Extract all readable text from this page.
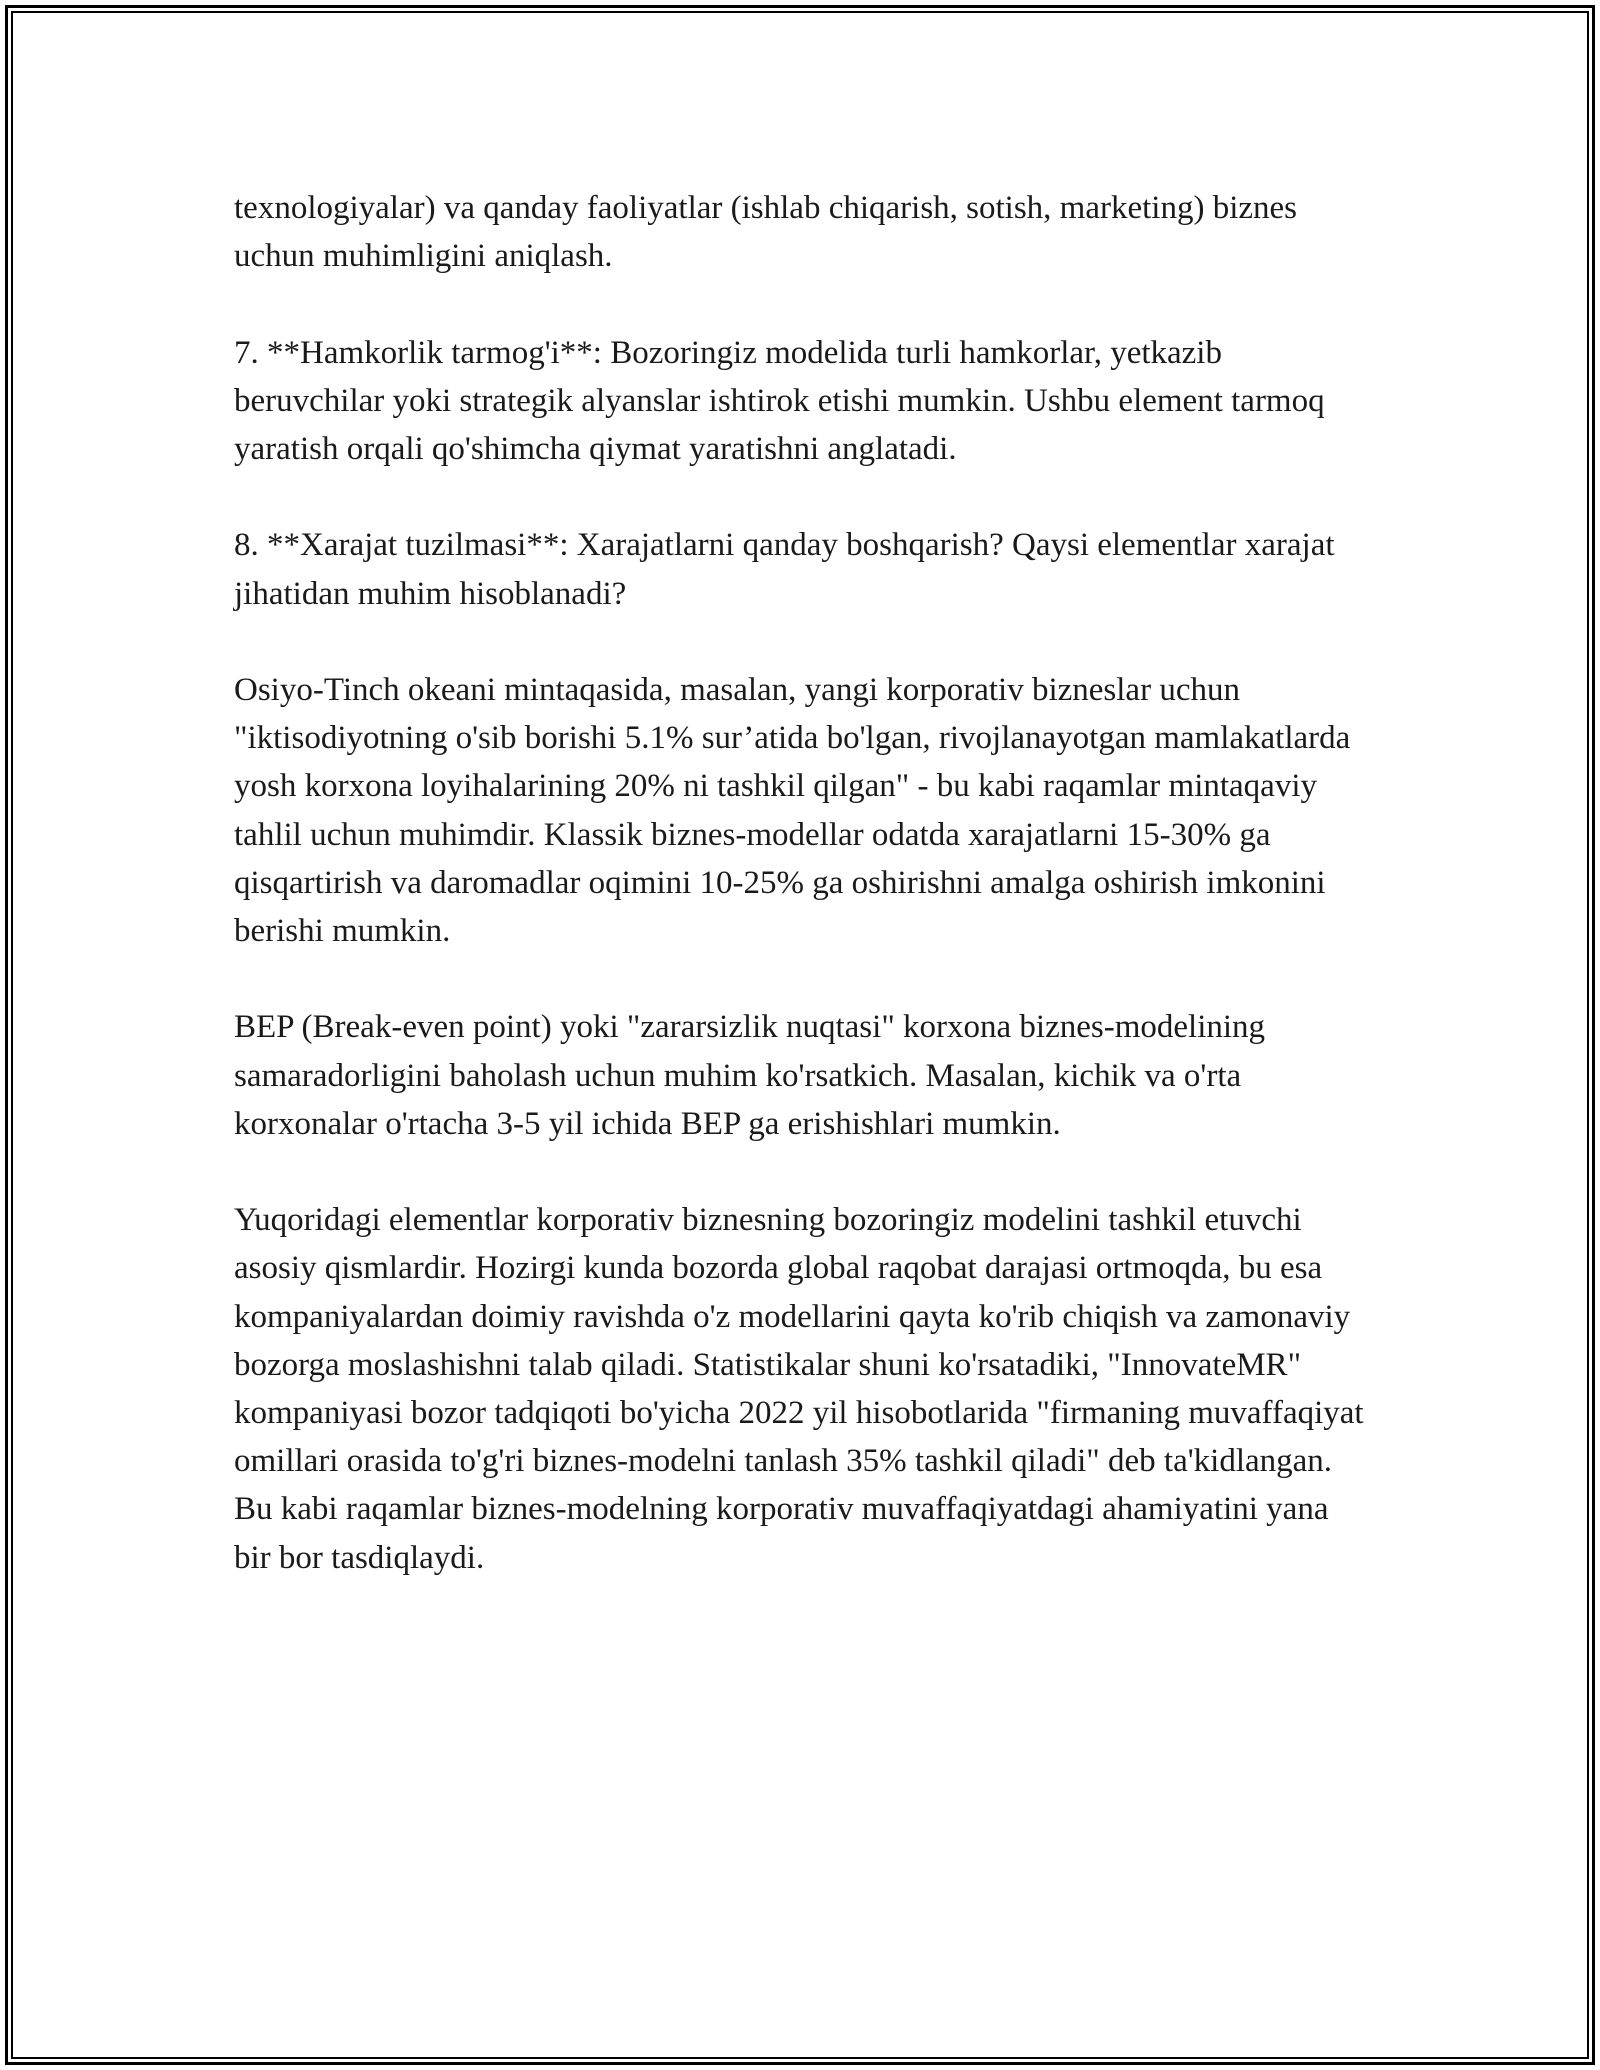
texnologiyalar) va qanday faoliyatlar (ishlab chiqarish, sotish, marketing) biznes uchun muhimligini aniqlash.

7. **Hamkorlik tarmog'i**: Bozoringiz modelida turli hamkorlar, yetkazib beruvchilar yoki strategik alyanslar ishtirok etishi mumkin. Ushbu element tarmoq yaratish orqali qo'shimcha qiymat yaratishni anglatadi.

8. **Xarajat tuzilmasi**: Xarajatlarni qanday boshqarish? Qaysi elementlar xarajat jihatidan muhim hisoblanadi?

Osiyo-Tinch okeani mintaqasida, masalan, yangi korporativ bizneslar uchun "iktisodiyotning o'sib borishi 5.1% sur’atida bo'lgan, rivojlanayotgan mamlakatlarda yosh korxona loyihalarining 20% ni tashkil qilgan" - bu kabi raqamlar mintaqaviy tahlil uchun muhimdir. Klassik biznes-modellar odatda xarajatlarni 15-30% ga qisqartirish va daromadlar oqimini 10-25% ga oshirishni amalga oshirish imkonini berishi mumkin.

BEP (Break-even point) yoki "zararsizlik nuqtasi" korxona biznes-modelining samaradorligini baholash uchun muhim ko'rsatkich. Masalan, kichik va o'rta korxonalar o'rtacha 3-5 yil ichida BEP ga erishishlari mumkin.

Yuqoridagi elementlar korporativ biznesning bozoringiz modelini tashkil etuvchi asosiy qismlardir. Hozirgi kunda bozorda global raqobat darajasi ortmoqda, bu esa kompaniyalardan doimiy ravishda o'z modellarini qayta ko'rib chiqish va zamonaviy bozorga moslashishni talab qiladi. Statistikalar shuni ko'rsatadiki, "InnovateMR" kompaniyasi bozor tadqiqoti bo'yicha 2022 yil hisobotlarida "firmaning muvaffaqiyat omillari orasida to'g'ri biznes-modelni tanlash 35% tashkil qiladi" deb ta'kidlangan. Bu kabi raqamlar biznes-modelning korporativ muvaffaqiyatdagi ahamiyatini yana bir bor tasdiqlaydi.
